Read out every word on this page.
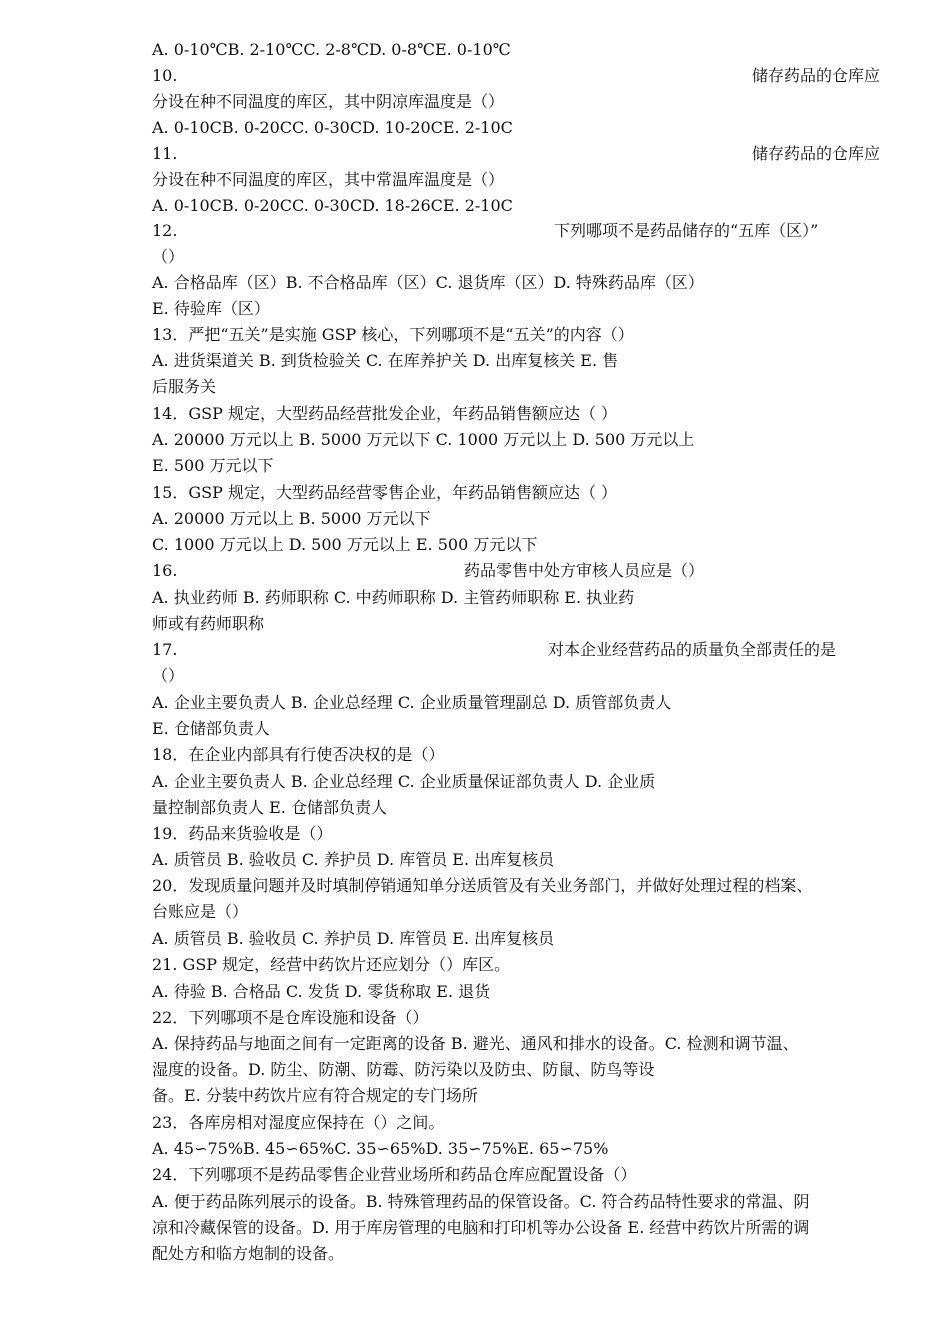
A. 0-10℃B. 2-10℃C. 2-8℃D. 0-8℃E. 0-10℃
10.	储存药品的仓库应
分设在种不同温度的库区，其中阴凉库温度是（）
A. 0-10CB. 0-20CC. 0-30CD. 10-20CE. 2-10C
11.	储存药品的仓库应
分设在种不同温度的库区，其中常温库温度是（）
A. 0-10CB. 0-20CC. 0-30CD. 18-26CE. 2-10C
12.	下列哪项不是药品储存的“五库（区）”
（）
A. 合格品库（区）B. 不合格品库（区）C. 退货库（区）D. 特殊药品库（区）
E. 待验库（区）
13．严把“五关”是实施 GSP 核心，下列哪项不是“五关”的内容（）
A. 进货渠道关 B. 到货检验关 C. 在库养护关 D. 出库复核关 E. 售
后服务关
14．GSP 规定，大型药品经营批发企业，年药品销售额应达（ ）
A. 20000 万元以上 B. 5000 万元以下 C. 1000 万元以上 D. 500 万元以上
E. 500 万元以下
15．GSP 规定，大型药品经营零售企业，年药品销售额应达（ ）
A. 20000 万元以上 B. 5000 万元以下
C. 1000 万元以上 D. 500 万元以上 E. 500 万元以下
16.	药品零售中处方审核人员应是（）
A. 执业药师 B. 药师职称 C. 中药师职称 D. 主管药师职称 E. 执业药
师或有药师职称
17.	对本企业经营药品的质量负全部责任的是
（）
A. 企业主要负责人 B. 企业总经理 C. 企业质量管理副总 D. 质管部负责人
E. 仓储部负责人
18．在企业内部具有行使否决权的是（）
A. 企业主要负责人 B. 企业总经理 C. 企业质量保证部负责人 D. 企业质
量控制部负责人 E. 仓储部负责人
19．药品来货验收是（）
A. 质管员 B. 验收员 C. 养护员 D. 库管员 E. 出库复核员
20．发现质量问题并及时填制停销通知单分送质管及有关业务部门，并做好处理过程的档案、
台账应是（）
A. 质管员 B. 验收员 C. 养护员 D. 库管员 E. 出库复核员
21. GSP 规定，经营中药饮片还应划分（）库区。
A. 待验 B. 合格品 C. 发货 D. 零货称取 E. 退货
22．下列哪项不是仓库设施和设备（）
A. 保持药品与地面之间有一定距离的设备 B. 避光、通风和排水的设备。C. 检测和调节温、
湿度的设备。D. 防尘、防潮、防霉、防污染以及防虫、防鼠、防鸟等设
备。E. 分装中药饮片应有符合规定的专门场所
23．各库房相对湿度应保持在（）之间。
A. 45∽75%B. 45∽65%C. 35∽65%D. 35∽75%E. 65∽75%
24．下列哪项不是药品零售企业营业场所和药品仓库应配置设备（）
A. 便于药品陈列展示的设备。B. 特殊管理药品的保管设备。C. 符合药品特性要求的常温、阴
凉和冷藏保管的设备。D. 用于库房管理的电脑和打印机等办公设备 E. 经营中药饮片所需的调
配处方和临方炮制的设备。
